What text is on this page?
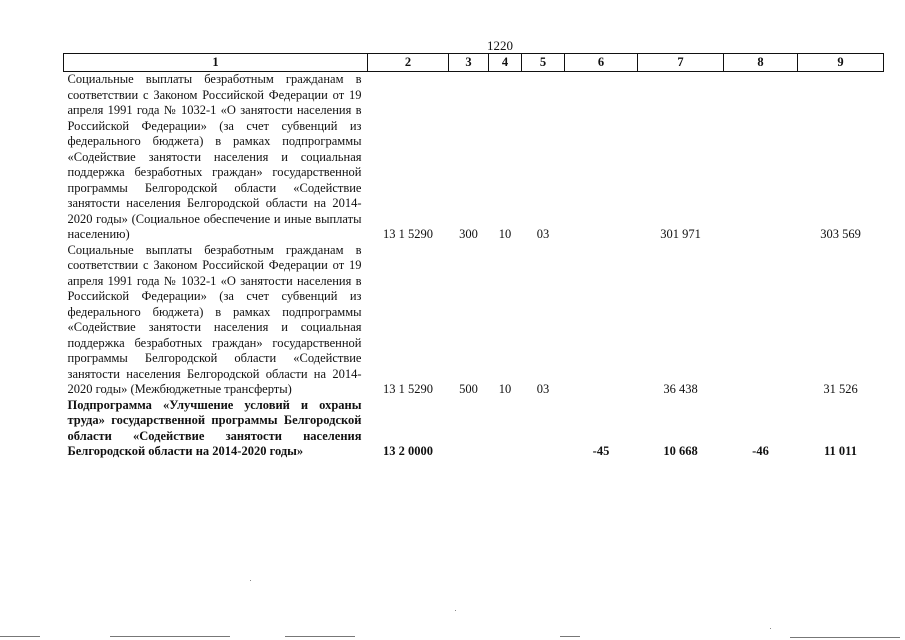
1220
1	2	3	4	5	6	7	8	9
Социальные выплаты безработным гражданам в соответствии с Законом Российской Федерации от 19 апреля 1991 года № 1032-1 «О занятости населения в Российской Федерации» (за счет субвенций из федерального бюджета) в рамках подпрограммы «Содействие занятости населения и социальная поддержка безработных граждан» государственной программы Белгородской области «Содействие занятости населения Белгородской области на 2014-2020 годы» (Социальное обеспечение и иные выплаты населению)	13 1 5290	300	10	03		301 971		303 569
Социальные выплаты безработным гражданам в соответствии с Законом Российской Федерации от 19 апреля 1991 года № 1032-1 «О занятости населения в Российской Федерации» (за счет субвенций из федерального бюджета) в рамках подпрограммы «Содействие занятости населения и социальная поддержка безработных граждан» государственной программы Белгородской области «Содействие занятости населения Белгородской области на 2014-2020 годы» (Межбюджетные трансферты)	13 1 5290	500	10	03		36 438		31 526
Подпрограмма «Улучшение условий и охраны труда» государственной программы Белгородской области «Содействие занятости населения Белгородской области на 2014-2020 годы»	13 2 0000				-45	10 668	-46	11 011
